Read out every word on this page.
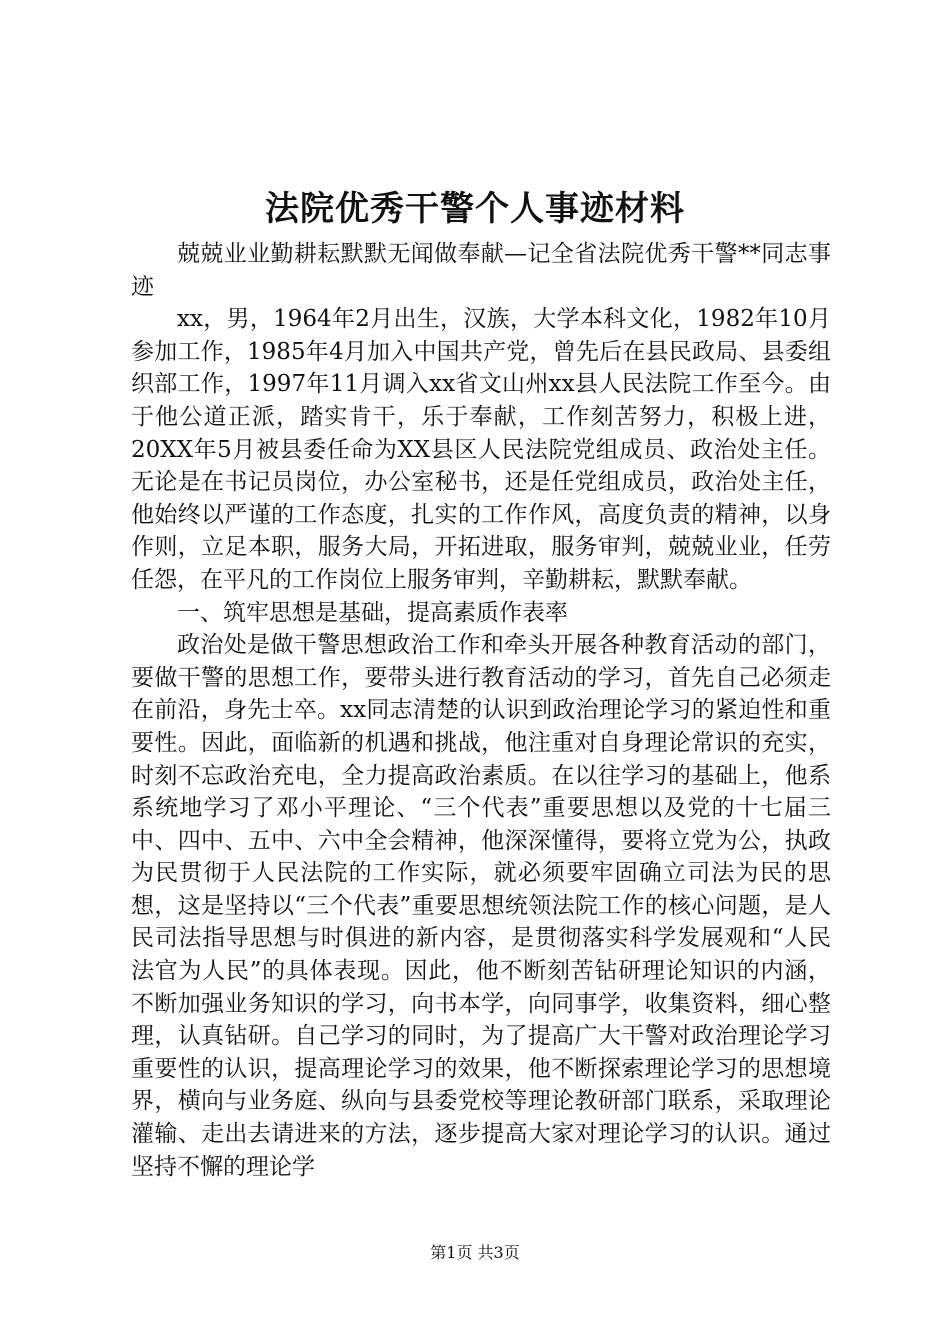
法院优秀干警个人事迹材料

兢兢业业勤耕耘默默无闻做奉献—记全省法院优秀干警**同志事迹

xx，男，1964年2月出生，汉族，大学本科文化，1982年10月参加工作，1985年4月加入中国共产党，曾先后在县民政局、县委组织部工作，1997年11月调入xx省文山州xx县人民法院工作至今。由于他公道正派，踏实肯干，乐于奉献，工作刻苦努力，积极上进，20XX年5月被县委任命为XX县区人民法院党组成员、政治处主任。无论是在书记员岗位，办公室秘书，还是任党组成员，政治处主任，他始终以严谨的工作态度，扎实的工作作风，高度负责的精神，以身作则，立足本职，服务大局，开拓进取，服务审判，兢兢业业，任劳任怨，在平凡的工作岗位上服务审判，辛勤耕耘，默默奉献。

一、筑牢思想是基础，提高素质作表率

政治处是做干警思想政治工作和牵头开展各种教育活动的部门，要做干警的思想工作，要带头进行教育活动的学习，首先自己必须走在前沿，身先士卒。xx同志清楚的认识到政治理论学习的紧迫性和重要性。因此，面临新的机遇和挑战，他注重对自身理论常识的充实，时刻不忘政治充电，全力提高政治素质。在以往学习的基础上，他系系统地学习了邓小平理论、“三个代表”重要思想以及党的十七届三中、四中、五中、六中全会精神，他深深懂得，要将立党为公，执政为民贯彻于人民法院的工作实际，就必须要牢固确立司法为民的思想，这是坚持以“三个代表”重要思想统领法院工作的核心问题，是人民司法指导思想与时俱进的新内容，是贯彻落实科学发展观和“人民法官为人民”的具体表现。因此，他不断刻苦钻研理论知识的内涵，不断加强业务知识的学习，向书本学，向同事学，收集资料，细心整理，认真钻研。自己学习的同时，为了提高广大干警对政治理论学习重要性的认识，提高理论学习的效果，他不断探索理论学习的思想境界，横向与业务庭、纵向与县委党校等理论教研部门联系，采取理论灌输、走出去请进来的方法，逐步提高大家对理论学习的认识。通过坚持不懈的理论学

第1页 共3页
